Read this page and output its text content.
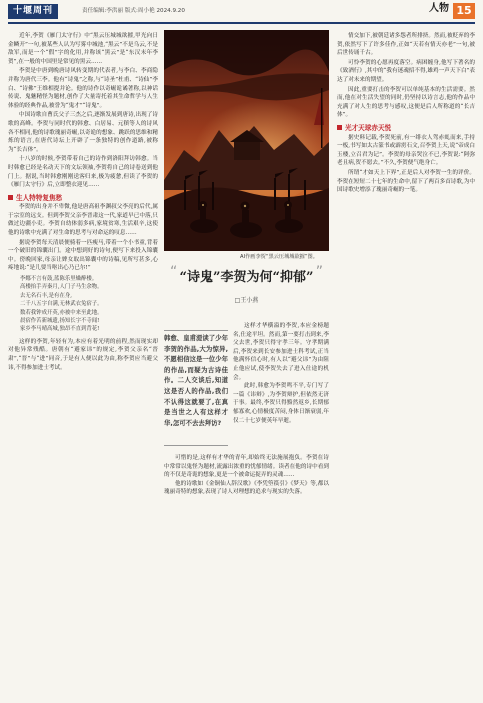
十堰周刊	责任编辑:李洪丽 版式:周小艳 2024.9.20	人物 15

近年,李贺《雁门太守行》中“黑云压城城欲摧,甲光向日金鳞开”一句,被某些人认为写雾中城池,“黑云”不是乌云,不是敌军,而是一个“假”字的化用,并称该“黑云”是“东汉末年李贺”,在一般的中国里是常见的黑云……

李贺是中唐到晚唐诗风转变期的代表者,与李白、李商隐并称为唐代三李。他有“诗鬼”之称,与“诗圣”杜甫、“诗仙”李白、“诗佛”王维相提并论。他的诗作以奇崛诡谲著称,以神话传说、鬼魅精怪为题材,创作了大量寄托着其生命哲学与人生体验的经典作品,被誉为“鬼才”“诗鬼”。

中国诗歌自曹氏父子三杰之后,逐渐发展到唐诗,出现了诗歌的高峰。李贺与同时代的韩愈、白居易、元稹等人的诗风各不相同,他的诗歌瑰丽奇崛,以奇诡的想象、跳跃的思维和精炼的语言,在唐代诗坛上开辟了一条独特的创作道路,被称为“长吉体”。

十八岁的时候,李贺带着自己的诗作到洛阳拜访韩愈。当时韩愈已经是名动天下的文坛领袖,李贺将自己的诗卷送到他门上。据说,当时韩愈刚刚送客归来,极为疲惫,但读了李贺的《雁门太守行》后,立即整衣迎见……

生人特特复焦愁

李贺的出身并不卑微,他是唐高祖李渊叔父李亮的后代,属于宗室的远支。但到李贺父亲李晋肃这一代,家道早已中落,只做过边疆小吏。李贺自幼体弱多病,家境贫寒,生活艰辛,这使他的诗歌中充满了对生命的思考与对命运的叹息……

据说李贺每天清晨便骑着一匹瘦马,带着一个小书童,背着一个破旧的锦囊出门。途中想到好的诗句,便写下来投入锦囊中。傍晚回家,母亲让婢女取出锦囊中的诗稿,见所写甚多,心疼地说:“是儿要当呕出心乃已尔!”

李娜不言有鼓,蓝陈乐里燥醉楼。
高楼抬手弄秦月,人门子马生余物。
去无名石丰,是有在身,
二千八五字自满,无林武衣兔宿子。
数若我钟成开英,亦被中来至此地。
晨宿作苦新城遗,扬知长字不寺闻!
家乡李马晴高城,独昂不直到背花!

这样的李贺,年轻有为,本应有着光明的前程,然而现实却对他异常残酷。唐朝有“避家讳”的规定,李贺父亲名“晋肃”,“晋”与“进”同音,于是有人便以此为由,称李贺应当避父讳,不得参加进士考试。

AI作画李贺“黑云压城城欲摧”图。
“ “诗鬼”李贺为何“抑郁” ”
□王小燕
韩愈、皇甫湜读了少年李贺的作品,大为惊异,不愿相信这是一位少年的作品,而疑为古诗佳作。二人交谈后,知道这是否人的作品,我们不认得这就要了,在真是当世之人有这样才华,怎可不去去拜访?

这样才华横溢的李贺,本应金榜题名,仕途平坦。然而,第一要打击到来,李父去世,李贺只得守孝三年。守孝期满后,李贺来到长安参加进士科考试,正当他满怀信心时,有人以“避父讳”为由阻止他应试,使李贺失去了进入仕途的机会。

此时,韩愈为李贺鸣不平,专门写了一篇《讳辩》,为李贺辩护,但依然无济于事。最终,李贺只得黯然返乡,长期郁郁寡欢,心情极度苦闷,身体日渐衰弱,年仅二十七岁便英年早逝。

可惜的是,这样有才华的青年,却始终无法施展抱负。李贺在诗中常常以鬼怪为题材,流露出浓重的忧郁情绪。读者在他的诗中看到的不仅是奇诡的想象,更是一个被命运捉弄的灵魂……

他的诗歌如《金铜仙人辞汉歌》《李凭箜篌引》《梦天》等,都以瑰丽奇特的想象,表现了诗人对理想的追求与现实的失落。

情交加下,被朝廷诸多怨者所排挤。然而,被贬弃的李贺,依然写下了许多佳作,正如“天若有情天亦老”一句,被后世传诵千古。

可怜李贺的心愿再度落空。病困缠身,他写下著名的《致酒行》,其中的“我有迷魂招不得,雄鸡一声天下白”表达了对未来的期望。

因此,重要打击的李贺可以单纯基本的生活需要。然而,他在对生活失望的同时,仍坚持以诗言志,他的作品中充满了对人生的思考与感叹,这便是后人所称道的“长吉体”。

光才天球赤天悦

据史料记载,李贺死前,有一绯衣人驾赤虬而来,手持一板,书写如太古篆书或霹雳石文,召李贺上天,说“帝成白玉楼,立召君为记”。李贺的母亲哭泣不已,李贺说:“阿弥老且病,贺不愿去。”不久,李贺便气绝身亡。

所谓“才如天上下界”,正是后人对李贺一生的评价。李贺在短短二十七年的生命中,留下了两百多首诗歌,为中国诗歌史增添了瑰丽奇崛的一笔。
